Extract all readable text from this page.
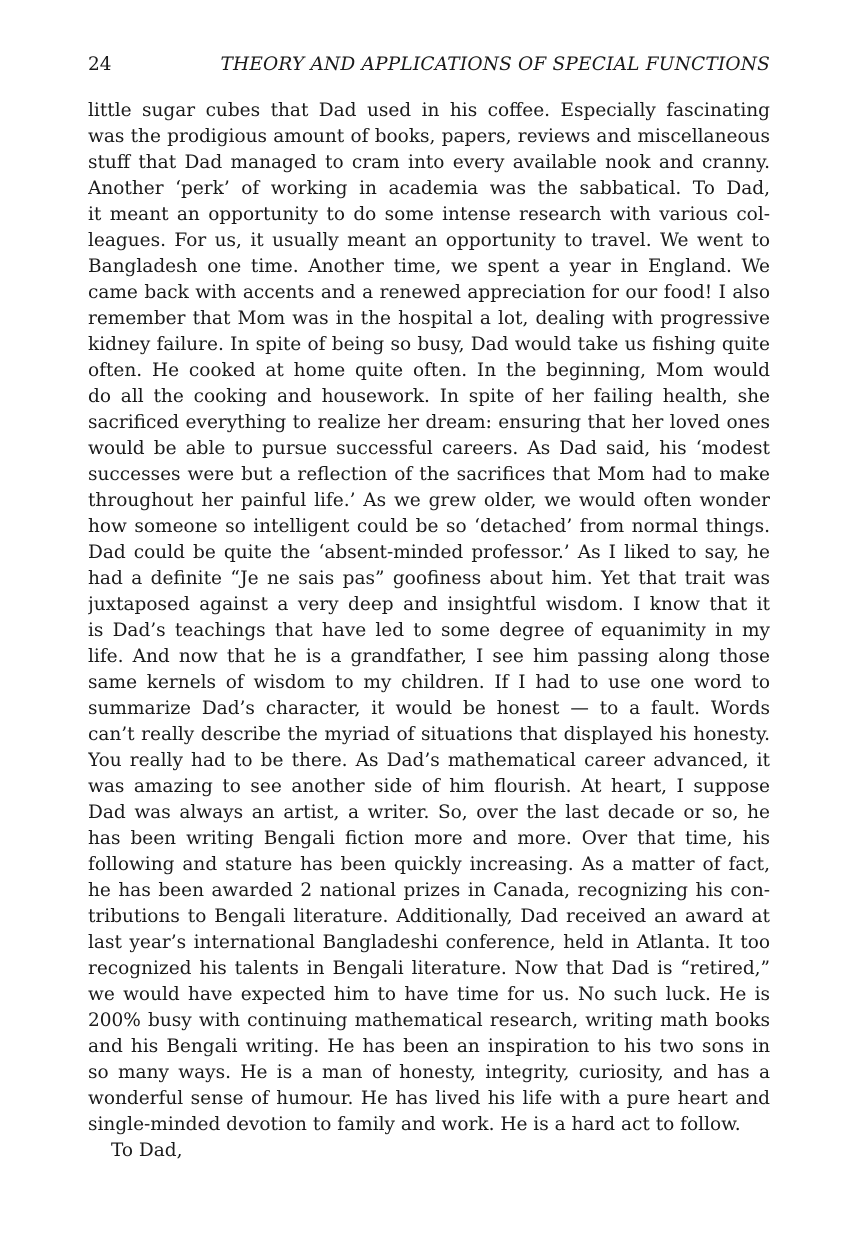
24	THEORY AND APPLICATIONS OF SPECIAL FUNCTIONS
little sugar cubes that Dad used in his coffee. Especially fascinating
was the prodigious amount of books, papers, reviews and miscellaneous
stuff that Dad managed to cram into every available nook and cranny.
Another ‘perk’ of working in academia was the sabbatical. To Dad,
it meant an opportunity to do some intense research with various col-
leagues. For us, it usually meant an opportunity to travel. We went to
Bangladesh one time. Another time, we spent a year in England. We
came back with accents and a renewed appreciation for our food! I also
remember that Mom was in the hospital a lot, dealing with progressive
kidney failure. In spite of being so busy, Dad would take us fishing quite
often. He cooked at home quite often. In the beginning, Mom would
do all the cooking and housework. In spite of her failing health, she
sacrificed everything to realize her dream: ensuring that her loved ones
would be able to pursue successful careers. As Dad said, his ‘modest
successes were but a reflection of the sacrifices that Mom had to make
throughout her painful life.’ As we grew older, we would often wonder
how someone so intelligent could be so ‘detached’ from normal things.
Dad could be quite the ‘absent-minded professor.’ As I liked to say, he
had a definite “Je ne sais pas” goofiness about him. Yet that trait was
juxtaposed against a very deep and insightful wisdom. I know that it
is Dad’s teachings that have led to some degree of equanimity in my
life. And now that he is a grandfather, I see him passing along those
same kernels of wisdom to my children. If I had to use one word to
summarize Dad’s character, it would be honest — to a fault. Words
can’t really describe the myriad of situations that displayed his honesty.
You really had to be there. As Dad’s mathematical career advanced, it
was amazing to see another side of him flourish. At heart, I suppose
Dad was always an artist, a writer. So, over the last decade or so, he
has been writing Bengali fiction more and more. Over that time, his
following and stature has been quickly increasing. As a matter of fact,
he has been awarded 2 national prizes in Canada, recognizing his con-
tributions to Bengali literature. Additionally, Dad received an award at
last year’s international Bangladeshi conference, held in Atlanta. It too
recognized his talents in Bengali literature. Now that Dad is “retired,”
we would have expected him to have time for us. No such luck. He is
200% busy with continuing mathematical research, writing math books
and his Bengali writing. He has been an inspiration to his two sons in
so many ways. He is a man of honesty, integrity, curiosity, and has a
wonderful sense of humour. He has lived his life with a pure heart and
single-minded devotion to family and work. He is a hard act to follow.
To Dad,
